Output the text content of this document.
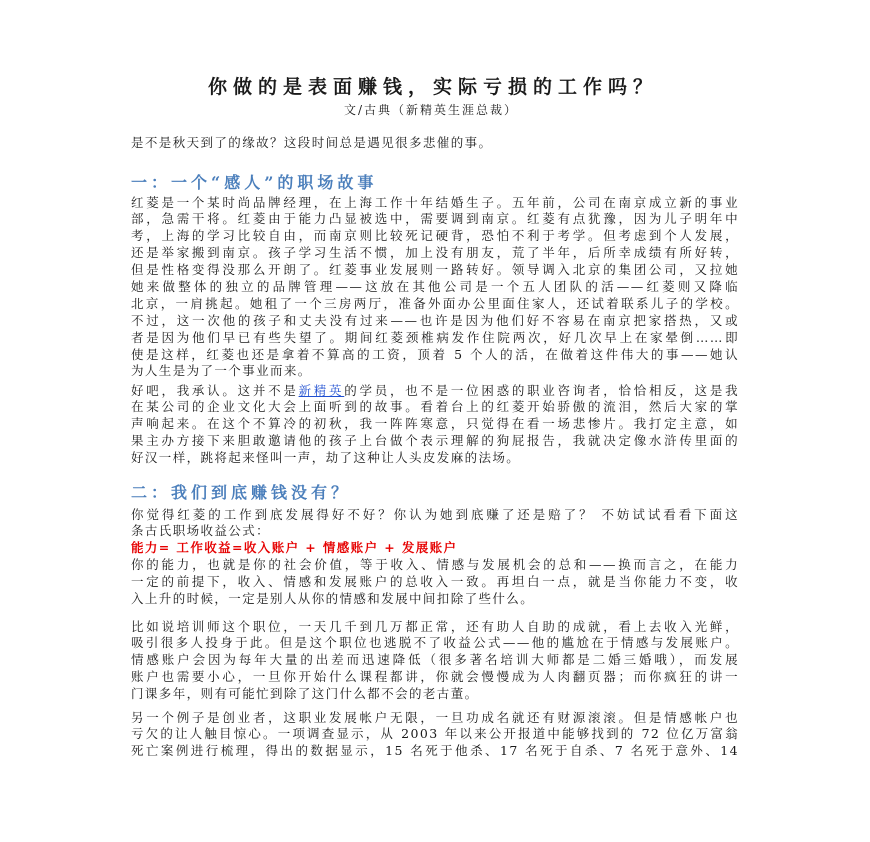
你做的是表面赚钱，实际亏损的工作吗？
文/古典（新精英生涯总裁）
是不是秋天到了的缘故？这段时间总是遇见很多悲催的事。
一：一个“感人”的职场故事
红菱是一个某时尚品牌经理，在上海工作十年结婚生子。五年前，公司在南京成立新的事业
部，急需干将。红菱由于能力凸显被选中，需要调到南京。红菱有点犹豫，因为儿子明年中
考，上海的学习比较自由，而南京则比较死记硬背，恐怕不利于考学。但考虑到个人发展，
还是举家搬到南京。孩子学习生活不惯，加上没有朋友，荒了半年，后所幸成绩有所好转，
但是性格变得没那么开朗了。红菱事业发展则一路转好。领导调入北京的集团公司，又拉她
她来做整体的独立的品牌管理——这放在其他公司是一个五人团队的活——红菱则又降临
北京，一肩挑起。她租了一个三房两厅，准备外面办公里面住家人，还试着联系儿子的学校。
不过，这一次他的孩子和丈夫没有过来——也许是因为他们好不容易在南京把家搭热，又或
者是因为他们早已有些失望了。期间红菱颈椎病发作住院两次，好几次早上在家晕倒……即
使是这样，红菱也还是拿着不算高的工资，顶着 5 个人的活，在做着这件伟大的事——她认
为人生是为了一个事业而来。
好吧，我承认。这并不是新精英的学员，也不是一位困惑的职业咨询者，恰恰相反，这是我
在某公司的企业文化大会上面听到的故事。看着台上的红菱开始骄傲的流泪，然后大家的掌
声响起来。在这个不算冷的初秋，我一阵阵寒意，只觉得在看一场悲惨片。我打定主意，如
果主办方接下来胆敢邀请他的孩子上台做个表示理解的狗屁报告，我就决定像水浒传里面的
好汉一样，跳将起来怪叫一声，劫了这种让人头皮发麻的法场。
二：我们到底赚钱没有？
你觉得红菱的工作到底发展得好不好？你认为她到底赚了还是赔了？ 不妨试试看看下面这
条古氏职场收益公式：
能力= 工作收益=收入账户 + 情感账户 + 发展账户
你的能力，也就是你的社会价值，等于收入、情感与发展机会的总和——换而言之，在能力
一定的前提下，收入、情感和发展账户的总收入一致。再坦白一点，就是当你能力不变，收
入上升的时候，一定是别人从你的情感和发展中间扣除了些什么。
比如说培训师这个职位，一天几千到几万都正常，还有助人自助的成就，看上去收入光鲜，
吸引很多人投身于此。但是这个职位也逃脱不了收益公式——他的尴尬在于情感与发展账户。
情感账户会因为每年大量的出差而迅速降低（很多著名培训大师都是二婚三婚哦），而发展
账户也需要小心，一旦你开始什么课程都讲，你就会慢慢成为人肉翻页器；而你疯狂的讲一
门课多年，则有可能忙到除了这门什么都不会的老古董。
另一个例子是创业者，这职业发展帐户无限，一旦功成名就还有财源滚滚。但是情感帐户也
亏欠的让人触目惊心。一项调查显示，从 2003 年以来公开报道中能够找到的 72 位亿万富翁
死亡案例进行梳理，得出的数据显示，15 名死于他杀、17 名死于自杀、7 名死于意外、14
